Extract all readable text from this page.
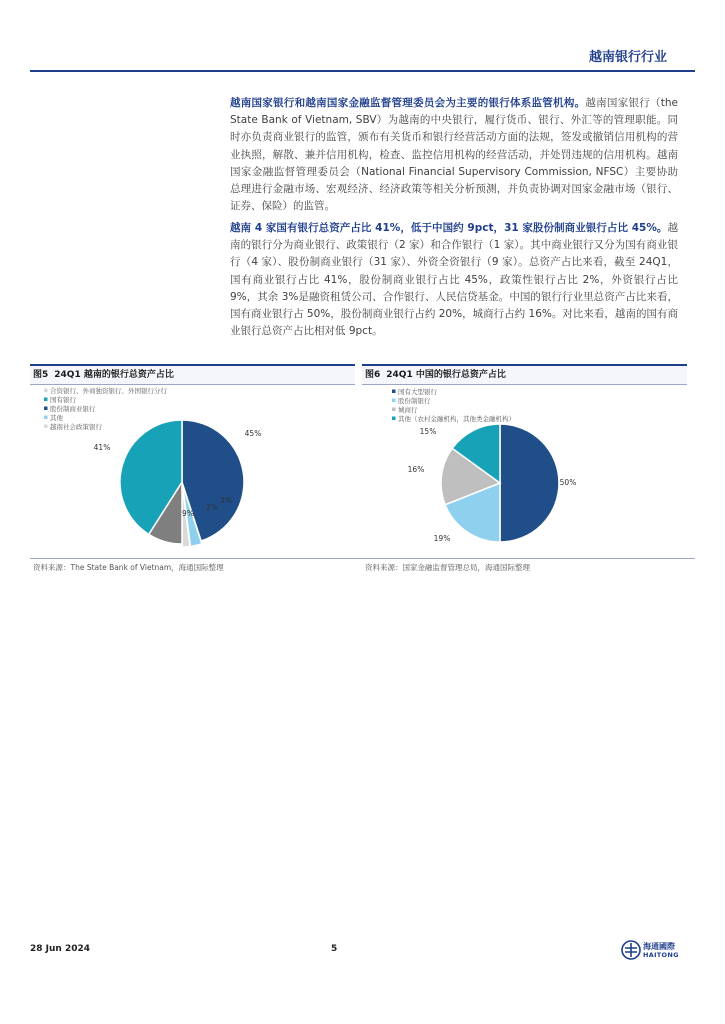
越南银行行业
越南国家银行和越南国家金融监督管理委员会为主要的银行体系监管机构。越南国家银行（the State Bank of Vietnam, SBV）为越南的中央银行，履行货币、银行、外汇等的管理职能。同时亦负责商业银行的监管，颁布有关货币和银行经营活动方面的法规，签发或撤销信用机构的营业执照，解散、兼并信用机构，检查、监控信用机构的经营活动，并处罚违规的信用机构。越南国家金融监督管理委员会（National Financial Supervisory Commission, NFSC）主要协助总理进行金融市场、宏观经济、经济政策等相关分析预测，并负责协调对国家金融市场（银行、证券、保险）的监管。
越南 4 家国有银行总资产占比 41%，低于中国约 9pct，31 家股份制商业银行占比 45%。越南的银行分为商业银行、政策银行（2 家）和合作银行（1 家）。其中商业银行又分为国有商业银行（4 家）、股份制商业银行（31 家）、外资全资银行（9 家）。总资产占比来看，截至 24Q1，国有商业银行占比 41%，股份制商业银行占比 45%，政策性银行占比 2%，外资银行占比 9%，其余 3%是融资租赁公司、合作银行、人民信贷基金。中国的银行行业里总资产占比来看，国有商业银行占 50%，股份制商业银行占约 20%，城商行占约 16%。对比来看，越南的国有商业银行总资产占比相对低 9pct。
图5 24Q1 越南的银行总资产占比
合资银行、外商独资银行、外国银行分行
国有银行
股份制商业银行
其他
越南社会政策银行
45%
3%
2%
9%
41%
图6 24Q1 中国的银行总资产占比
国有大型银行
股份制银行
城商行
其他（农村金融机构，其他类金融机构）
50%
19%
16%
15%
资料来源：The State Bank of Vietnam，海通国际整理	资料来源：国家金融监督管理总局，海通国际整理
28 Jun 2024	5	海通國際
HAITONG
